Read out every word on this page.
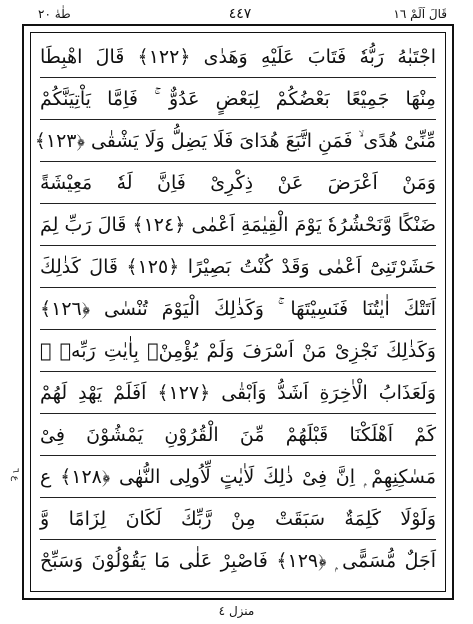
طٰهٰ ٢٠	٤٤٧	قَالَ اَلَمْ ١٦
ع ٦
اجْتَبٰهُ رَبُّهٗ فَتَابَ عَلَيْهِ وَهَدٰى ﴿١٢٢﴾ قَالَ اهْبِطَا
مِنْهَا جَمِيْعًا بَعْضُكُمْ لِبَعْضٍ عَدُوٌّ ۚ فَاِمَّا يَاْتِيَنَّكُمْ
مِّنِّىْ هُدًى ۙ فَمَنِ اتَّبَعَ هُدَاىَ فَلَا يَضِلُّ وَلَا يَشْقٰى ﴿١٢٣﴾
وَمَنْ اَعْرَضَ عَنْ ذِكْرِىْ فَاِنَّ لَهٗ مَعِيْشَةً
ضَنْكًا وَّنَحْشُرُهٗ يَوْمَ الْقِيٰمَةِ اَعْمٰى ﴿١٢٤﴾ قَالَ رَبِّ لِمَ
حَشَرْتَنِىْٓ اَعْمٰى وَقَدْ كُنْتُ بَصِيْرًا ﴿١٢٥﴾ قَالَ كَذٰلِكَ
اَتَتْكَ اٰيٰتُنَا فَنَسِيْتَهَا ۚ وَكَذٰلِكَ الْيَوْمَ تُنْسٰى ﴿١٢٦﴾
وَكَذٰلِكَ نَجْزِىْ مَنْ اَسْرَفَ وَلَمْ يُؤْمِنْۢ بِاٰيٰتِ رَبِّهٖ ۭ
وَلَعَذَابُ الْاٰخِرَةِ اَشَدُّ وَاَبْقٰى ﴿١٢٧﴾ اَفَلَمْ يَهْدِ لَهُمْ
كَمْ اَهْلَكْنَا قَبْلَهُمْ مِّنَ الْقُرُوْنِ يَمْشُوْنَ فِىْ
مَسٰكِنِهِمْ ۭ اِنَّ فِىْ ذٰلِكَ لَاٰيٰتٍ لِّاُولِى النُّهٰى ﴿١٢٨﴾ ع
وَلَوْلَا كَلِمَةٌ سَبَقَتْ مِنْ رَّبِّكَ لَكَانَ لِزَامًا وَّ
اَجَلٌ مُّسَمًّى ۭ ﴿١٢٩﴾ فَاصْبِرْ عَلٰى مَا يَقُوْلُوْنَ وَسَبِّحْ
منزل ٤
